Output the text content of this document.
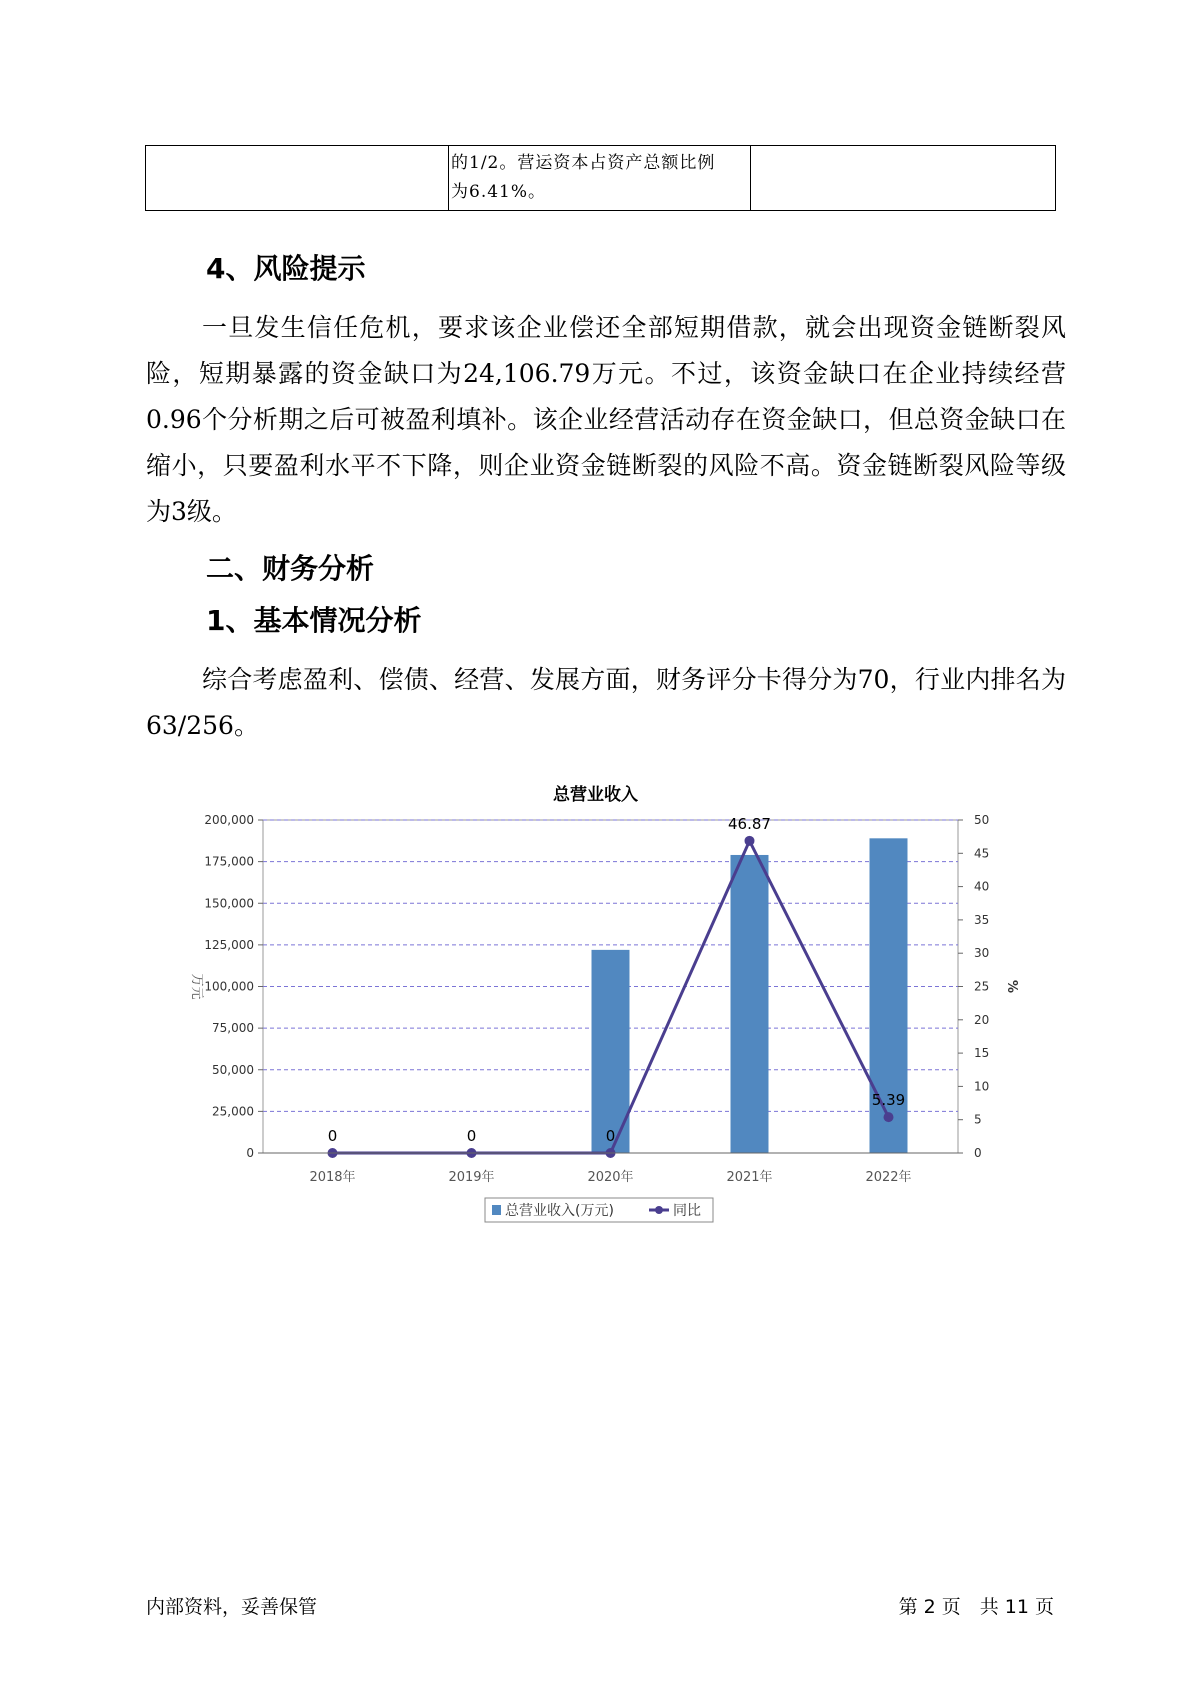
的1/2。营运资本占资产总额比例
为6.41%。
4、风险提示
一旦发生信任危机，要求该企业偿还全部短期借款，就会出现资金链断裂风险，短期暴露的资金缺口为24,106.79万元。不过，该资金缺口在企业持续经营 0.96个分析期之后可被盈利填补。该企业经营活动存在资金缺口，但总资金缺口在缩小，只要盈利水平不下降，则企业资金链断裂的风险不高。资金链断裂风险等级为3级。
二、财务分析
1、基本情况分析
综合考虑盈利、偿债、经营、发展方面，财务评分卡得分为70，行业内排名为63/256。
总营业收入
0	0	0
46.87
5.39
0
25,000
50,000
75,000
100,000
125,000
150,000
175,000
200,000
0
5
10
15
20
25
30
35
40
45
50
万元	%
2018年	2019年	2020年	2021年	2022年
总营业收入(万元)	同比
内部资料，妥善保管	第 2 页　共 11 页
